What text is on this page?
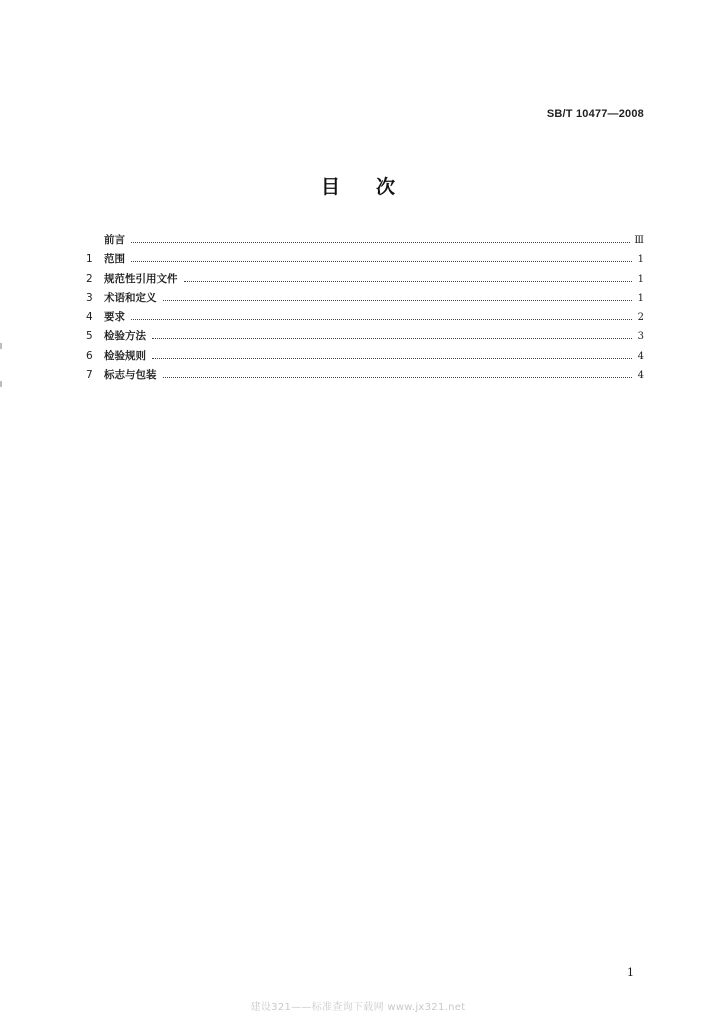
SB/T 10477—2008
目次
前言	Ⅲ
1	范围	1
2	规范性引用文件	1
3	术语和定义	1
4	要求	2
5	检验方法	3
6	检验规则	4
7	标志与包装	4
1
建设321——标准查询下载网 www.jx321.net
